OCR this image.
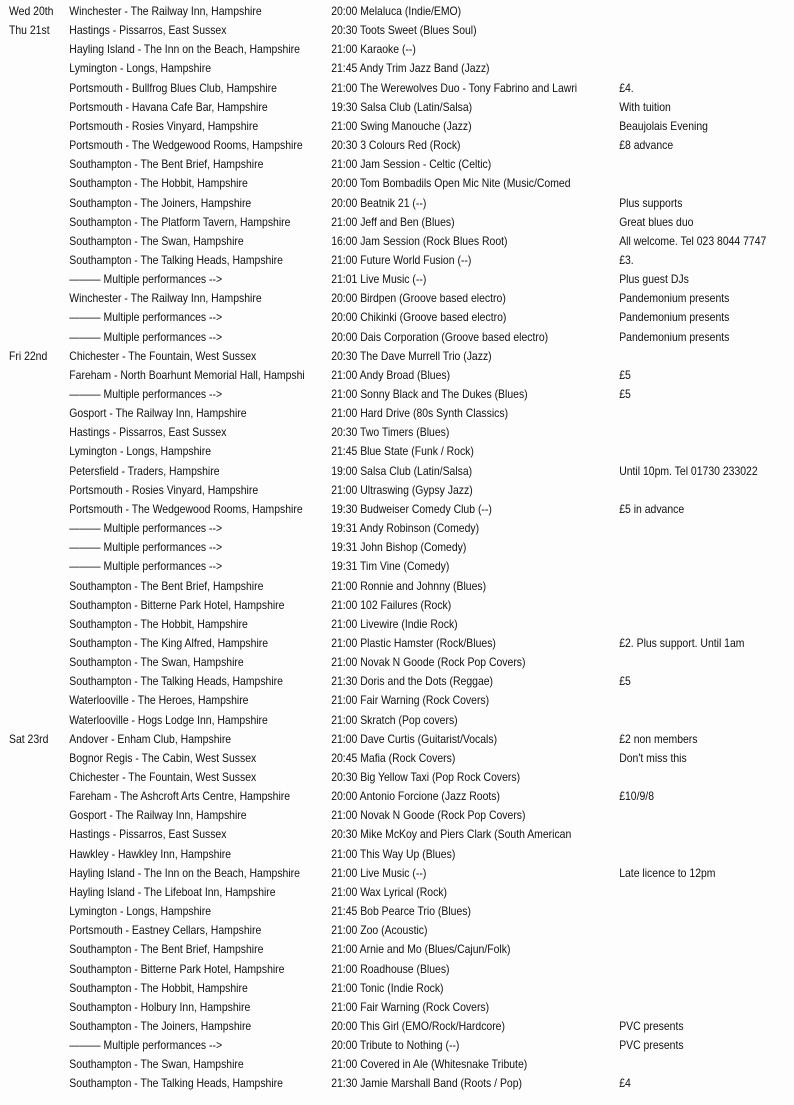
Wed 20th Winchester - The Railway Inn, Hampshire	20:00 Melaluca (Indie/EMO)
Thu 21st Hastings - Pissarros, East Sussex	20:30 Toots Sweet (Blues Soul)
Hayling Island - The Inn on the Beach, Hampshire	21:00 Karaoke (--)
Lymington - Longs, Hampshire	21:45 Andy Trim Jazz Band (Jazz)
Portsmouth - Bullfrog Blues Club, Hampshire	21:00 The Werewolves Duo - Tony Fabrino and Lawri	£4.
Portsmouth - Havana Cafe Bar, Hampshire	19:30 Salsa Club (Latin/Salsa)	With tuition
Portsmouth - Rosies Vinyard, Hampshire	21:00 Swing Manouche (Jazz)	Beaujolais Evening
Portsmouth - The Wedgewood Rooms, Hampshire 20:30 3 Colours Red (Rock)	£8 advance
Southampton - The Bent Brief, Hampshire	21:00 Jam Session - Celtic (Celtic)
Southampton - The Hobbit, Hampshire	20:00 Tom Bombadils Open Mic Nite (Music/Comed
Southampton - The Joiners, Hampshire	20:00 Beatnik 21 (--)	Plus supports
Southampton - The Platform Tavern, Hampshire	21:00 Jeff and Ben (Blues)	Great blues duo
Southampton - The Swan, Hampshire	16:00 Jam Session (Rock Blues Root)	All welcome. Tel 023 8044 7747
Southampton - The Talking Heads, Hampshire	21:00 Future World Fusion (--)	£3.
——— Multiple performances -->	21:01 Live Music (--)	Plus guest DJs
Winchester - The Railway Inn, Hampshire	20:00 Birdpen (Groove based electro)	Pandemonium presents
——— Multiple performances -->	20:00 Chikinki (Groove based electro)	Pandemonium presents
——— Multiple performances -->	20:00 Dais Corporation (Groove based electro)	Pandemonium presents
Fri 22nd Chichester - The Fountain, West Sussex	20:30 The Dave Murrell Trio (Jazz)
Fareham - North Boarhunt Memorial Hall, Hampshi 21:00 Andy Broad (Blues)	£5
——— Multiple performances -->	21:00 Sonny Black and The Dukes (Blues)	£5
Gosport - The Railway Inn, Hampshire	21:00 Hard Drive (80s Synth Classics)
Hastings - Pissarros, East Sussex	20:30 Two Timers (Blues)
Lymington - Longs, Hampshire	21:45 Blue State (Funk / Rock)
Petersfield - Traders, Hampshire	19:00 Salsa Club (Latin/Salsa)	Until 10pm. Tel 01730 233022
Portsmouth - Rosies Vinyard, Hampshire	21:00 Ultraswing (Gypsy Jazz)
Portsmouth - The Wedgewood Rooms, Hampshire 19:30 Budweiser Comedy Club (--)	£5 in advance
——— Multiple performances -->	19:31 Andy Robinson (Comedy)
——— Multiple performances -->	19:31 John Bishop (Comedy)
——— Multiple performances -->	19:31 Tim Vine (Comedy)
Southampton - The Bent Brief, Hampshire	21:00 Ronnie and Johnny (Blues)
Southampton - Bitterne Park Hotel, Hampshire	21:00 102 Failures (Rock)
Southampton - The Hobbit, Hampshire	21:00 Livewire (Indie Rock)
Southampton - The King Alfred, Hampshire	21:00 Plastic Hamster (Rock/Blues)	£2. Plus support. Until 1am
Southampton - The Swan, Hampshire	21:00 Novak N Goode (Rock Pop Covers)
Southampton - The Talking Heads, Hampshire	21:30 Doris and the Dots (Reggae)	£5
Waterlooville - The Heroes, Hampshire	21:00 Fair Warning (Rock Covers)
Waterlooville - Hogs Lodge Inn, Hampshire	21:00 Skratch (Pop covers)
Sat 23rd Andover - Enham Club, Hampshire	21:00 Dave Curtis (Guitarist/Vocals)	£2 non members
Bognor Regis - The Cabin, West Sussex	20:45 Mafia (Rock Covers)	Don't miss this
Chichester - The Fountain, West Sussex	20:30 Big Yellow Taxi (Pop Rock Covers)
Fareham - The Ashcroft Arts Centre, Hampshire	20:00 Antonio Forcione (Jazz Roots)	£10/9/8
Gosport - The Railway Inn, Hampshire	21:00 Novak N Goode (Rock Pop Covers)
Hastings - Pissarros, East Sussex	20:30 Mike McKoy and Piers Clark (South American
Hawkley - Hawkley Inn, Hampshire	21:00 This Way Up (Blues)
Hayling Island - The Inn on the Beach, Hampshire	21:00 Live Music (--)	Late licence to 12pm
Hayling Island - The Lifeboat Inn, Hampshire	21:00 Wax Lyrical (Rock)
Lymington - Longs, Hampshire	21:45 Bob Pearce Trio (Blues)
Portsmouth - Eastney Cellars, Hampshire	21:00 Zoo (Acoustic)
Southampton - The Bent Brief, Hampshire	21:00 Arnie and Mo (Blues/Cajun/Folk)
Southampton - Bitterne Park Hotel, Hampshire	21:00 Roadhouse (Blues)
Southampton - The Hobbit, Hampshire	21:00 Tonic (Indie Rock)
Southampton - Holbury Inn, Hampshire	21:00 Fair Warning (Rock Covers)
Southampton - The Joiners, Hampshire	20:00 This Girl (EMO/Rock/Hardcore)	PVC presents
——— Multiple performances -->	20:00 Tribute to Nothing (--)	PVC presents
Southampton - The Swan, Hampshire	21:00 Covered in Ale (Whitesnake Tribute)
Southampton - The Talking Heads, Hampshire	21:30 Jamie Marshall Band (Roots / Pop)	£4
